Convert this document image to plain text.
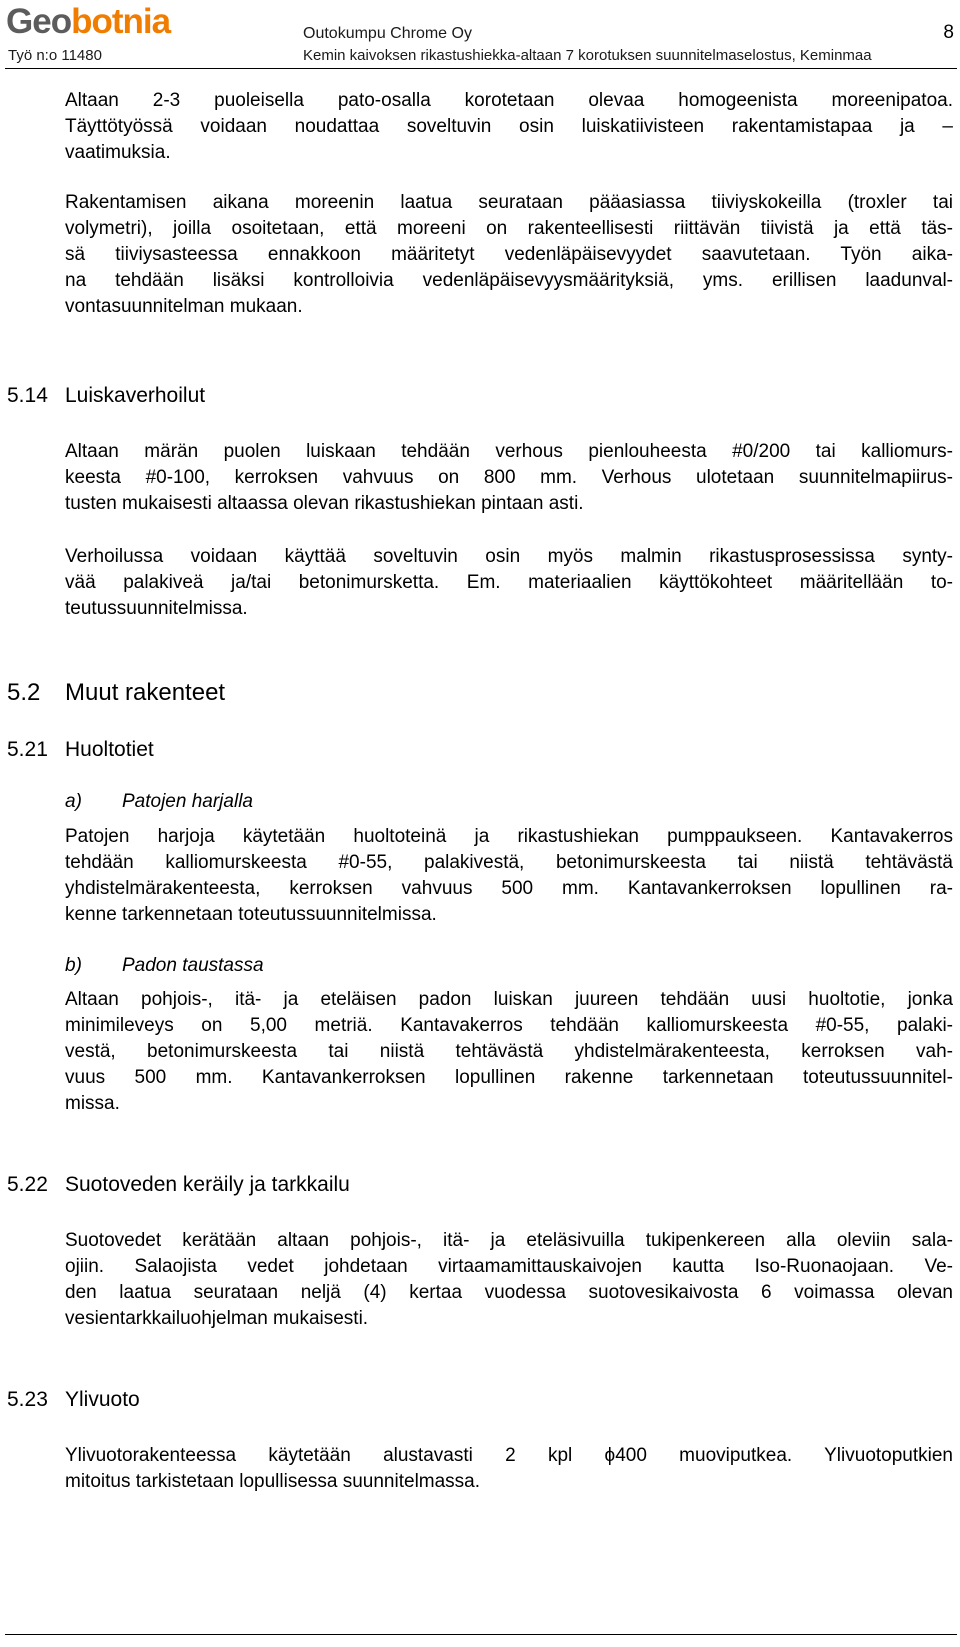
Geobotnia
Työ n:o 11480
Outokumpu Chrome Oy
Kemin kaivoksen rikastushiekka-altaan 7 korotuksen suunnitelmaselostus, Keminmaa
8
Altaan 2-3 puoleisella pato-osalla korotetaan olevaa homogeenista moreenipatoa.
Täyttötyössä voidaan noudattaa soveltuvin osin luiskatiivisteen rakentamistapaa ja –
vaatimuksia.
Rakentamisen aikana moreenin laatua seurataan pääasiassa tiiviyskokeilla (troxler tai
volymetri), joilla osoitetaan, että moreeni on rakenteellisesti riittävän tiivistä ja että täs-
sä tiiviysasteessa ennakkoon määritetyt vedenläpäisevyydet saavutetaan. Työn aika-
na tehdään lisäksi kontrolloivia vedenläpäisevyysmäärityksiä, yms. erillisen laadunval-
vontasuunnitelman mukaan.
5.14 Luiskaverhoilut
Altaan märän puolen luiskaan tehdään verhous pienlouheesta #0/200 tai kalliomurs-
keesta #0-100, kerroksen vahvuus on 800 mm. Verhous ulotetaan suunnitelmapiirus-
tusten mukaisesti altaassa olevan rikastushiekan pintaan asti.
Verhoilussa voidaan käyttää soveltuvin osin myös malmin rikastusprosessissa synty-
vää palakiveä ja/tai betonimursketta. Em. materiaalien käyttökohteet määritellään to-
teutussuunnitelmissa.
5.2 Muut rakenteet
5.21 Huoltotiet
a) Patojen harjalla
Patojen harjoja käytetään huoltoteinä ja rikastushiekan pumppaukseen. Kantavakerros
tehdään kalliomurskeesta #0-55, palakivestä, betonimurskeesta tai niistä tehtävästä
yhdistelmärakenteesta, kerroksen vahvuus 500 mm. Kantavankerroksen lopullinen ra-
kenne tarkennetaan toteutussuunnitelmissa.
b) Padon taustassa
Altaan pohjois-, itä- ja eteläisen padon luiskan juureen tehdään uusi huoltotie, jonka
minimileveys on 5,00 metriä. Kantavakerros tehdään kalliomurskeesta #0-55, palaki-
vestä, betonimurskeesta tai niistä tehtävästä yhdistelmärakenteesta, kerroksen vah-
vuus 500 mm. Kantavankerroksen lopullinen rakenne tarkennetaan toteutussuunnitel-
missa.
5.22 Suotoveden keräily ja tarkkailu
Suotovedet kerätään altaan pohjois-, itä- ja eteläsivuilla tukipenkereen alla oleviin sala-
ojiin. Salaojista vedet johdetaan virtaamamittauskaivojen kautta Iso-Ruonaojaan. Ve-
den laatua seurataan neljä (4) kertaa vuodessa suotovesikaivosta 6 voimassa olevan
vesientarkkailuohjelman mukaisesti.
5.23 Ylivuoto
Ylivuotorakenteessa käytetään alustavasti 2 kpl ϕ400 muoviputkea. Ylivuotoputkien
mitoitus tarkistetaan lopullisessa suunnitelmassa.
